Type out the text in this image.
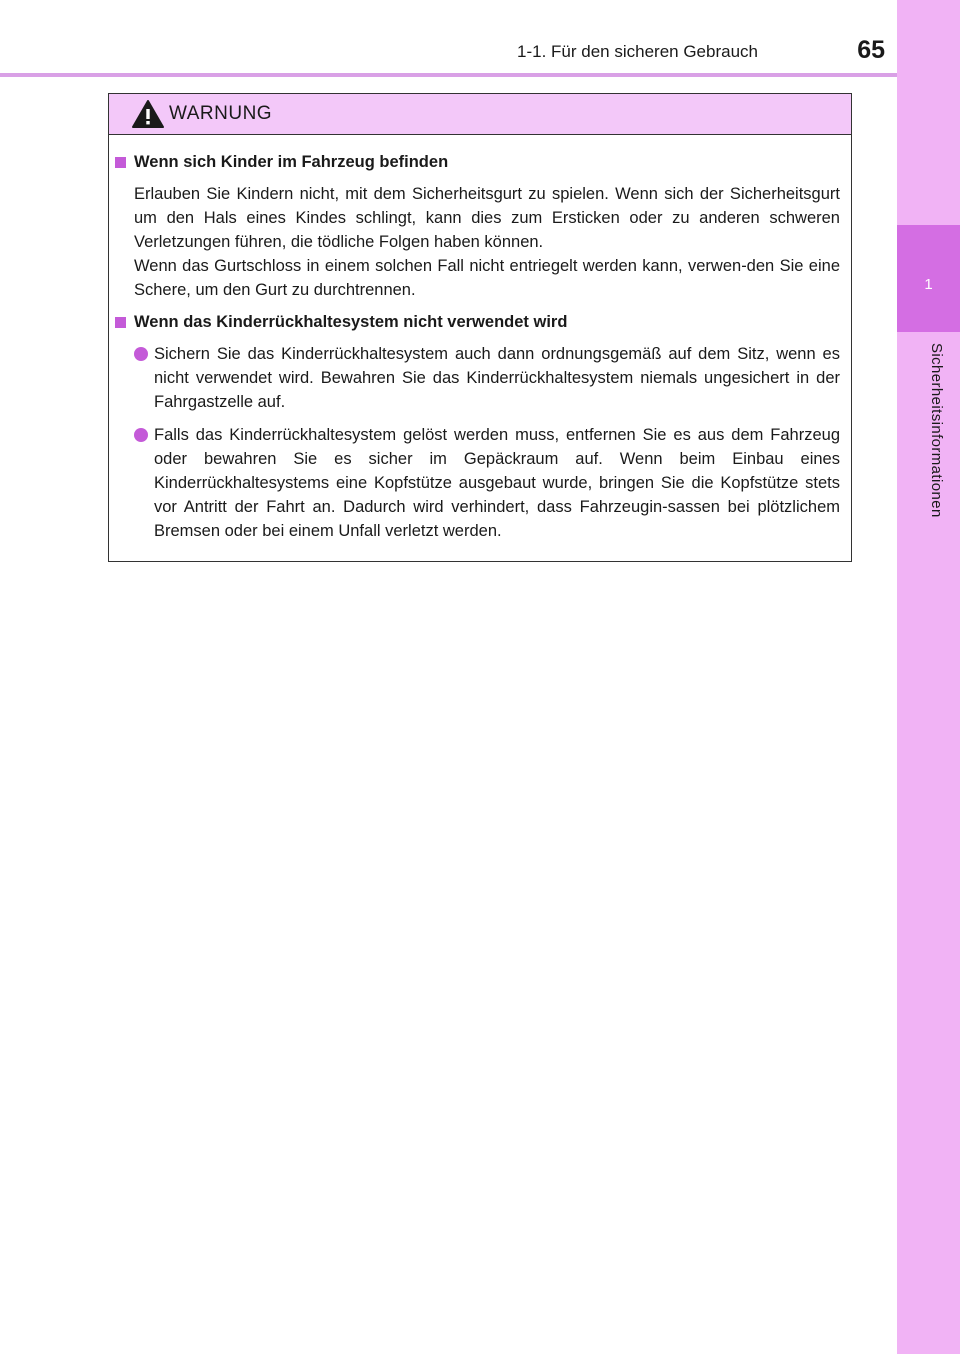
1-1. Für den sicheren Gebrauch	65
1
Sicherheitsinformationen
WARNUNG
Wenn sich Kinder im Fahrzeug befinden
Erlauben Sie Kindern nicht, mit dem Sicherheitsgurt zu spielen. Wenn sich der Sicherheitsgurt um den Hals eines Kindes schlingt, kann dies zum Ersticken oder zu anderen schweren Verletzungen führen, die tödliche Folgen haben können.
Wenn das Gurtschloss in einem solchen Fall nicht entriegelt werden kann, verwen-den Sie eine Schere, um den Gurt zu durchtrennen.
Wenn das Kinderrückhaltesystem nicht verwendet wird
Sichern Sie das Kinderrückhaltesystem auch dann ordnungsgemäß auf dem Sitz, wenn es nicht verwendet wird. Bewahren Sie das Kinderrückhaltesystem niemals ungesichert in der Fahrgastzelle auf.
Falls das Kinderrückhaltesystem gelöst werden muss, entfernen Sie es aus dem Fahrzeug oder bewahren Sie es sicher im Gepäckraum auf. Wenn beim Einbau eines Kinderrückhaltesystems eine Kopfstütze ausgebaut wurde, bringen Sie die Kopfstütze stets vor Antritt der Fahrt an. Dadurch wird verhindert, dass Fahrzeugin-sassen bei plötzlichem Bremsen oder bei einem Unfall verletzt werden.
